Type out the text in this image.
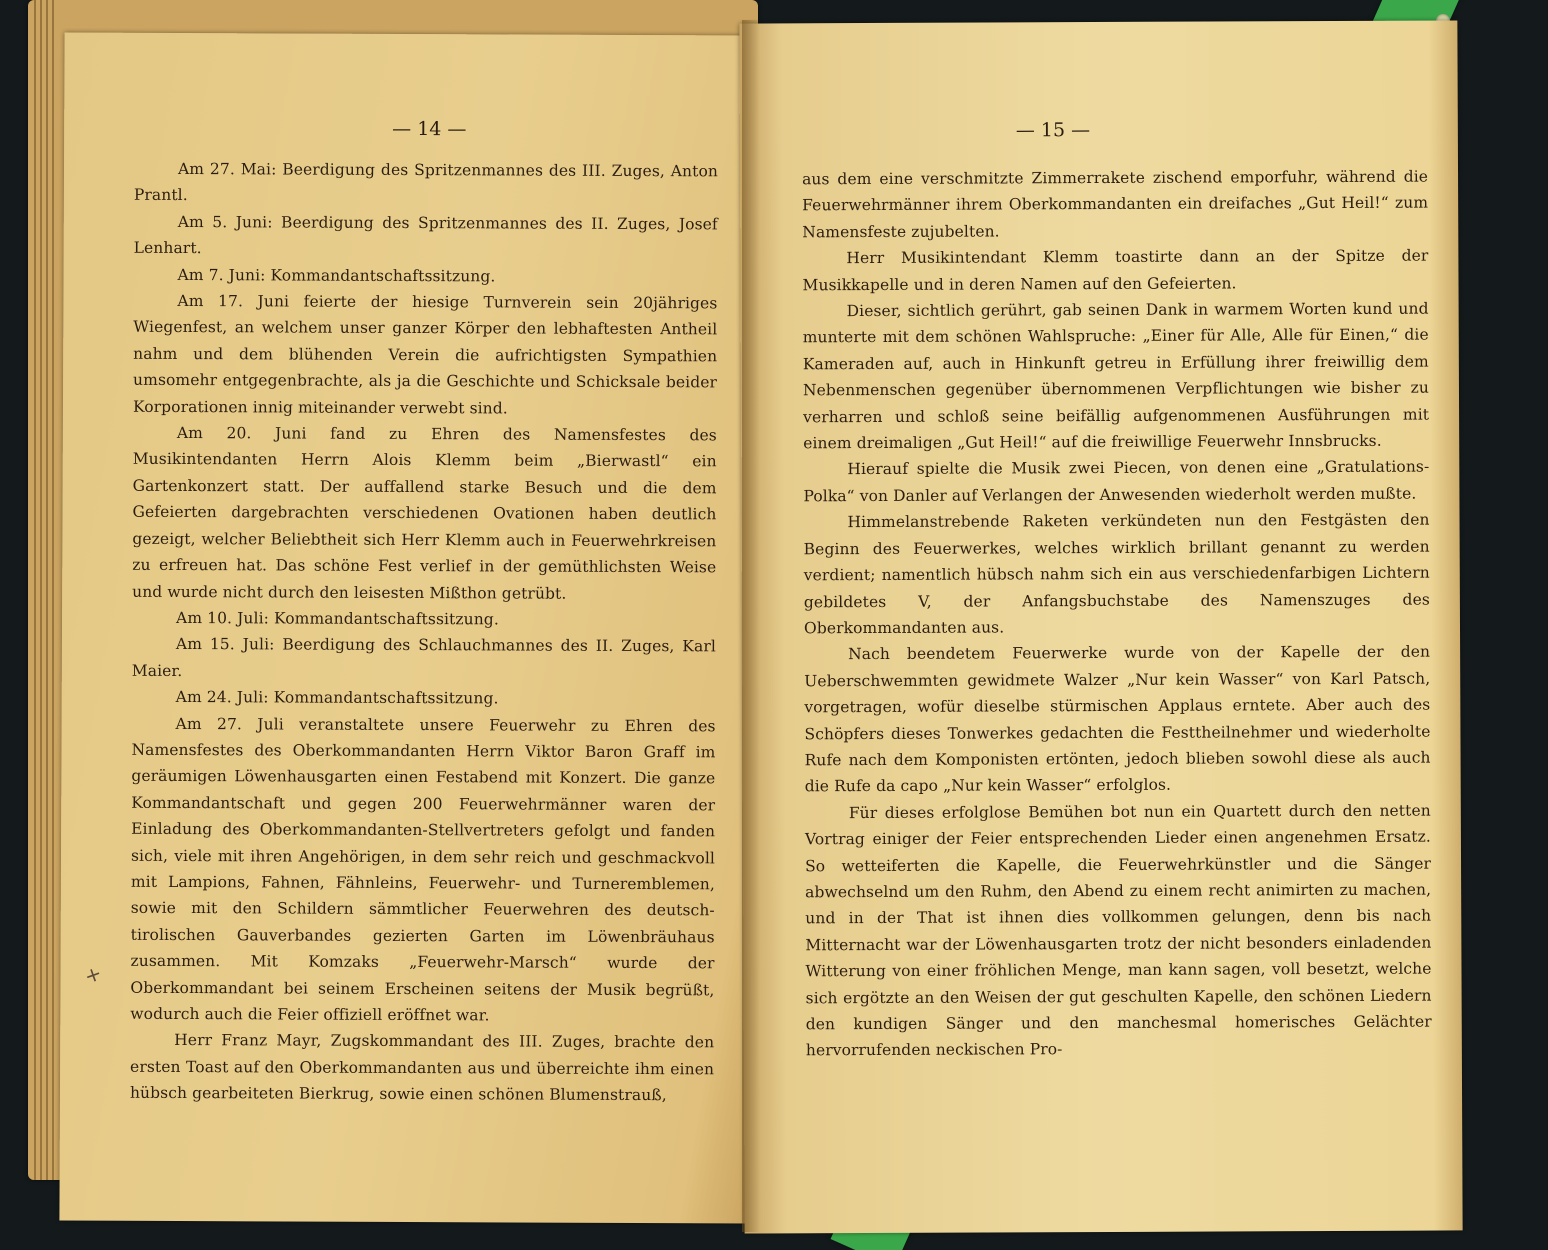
— 14 —

Am 27. Mai: Beerdigung des Spritzenmannes des III. Zuges, Anton Prantl.

Am 5. Juni: Beerdigung des Spritzenmannes des II. Zuges, Josef Lenhart.

Am 7. Juni: Kommandantschaftssitzung.

Am 17. Juni feierte der hiesige Turnverein sein 20jähriges Wiegenfest, an welchem unser ganzer Körper den lebhaftesten Antheil nahm und dem blühenden Verein die aufrichtigsten Sympathien umsomehr entgegenbrachte, als ja die Geschichte und Schicksale beider Korporationen innig miteinander verwebt sind.

Am 20. Juni fand zu Ehren des Namensfestes des Musikintendanten Herrn Alois Klemm beim „Bierwastl“ ein Gartenkonzert statt. Der auffallend starke Besuch und die dem Gefeierten dargebrachten verschiedenen Ovationen haben deutlich gezeigt, welcher Beliebtheit sich Herr Klemm auch in Feuerwehrkreisen zu erfreuen hat. Das schöne Fest verlief in der gemüthlichsten Weise und wurde nicht durch den leisesten Mißthon getrübt.

Am 10. Juli: Kommandantschaftssitzung.

Am 15. Juli: Beerdigung des Schlauchmannes des II. Zuges, Karl Maier.

Am 24. Juli: Kommandantschaftssitzung.

Am 27. Juli veranstaltete unsere Feuerwehr zu Ehren des Namensfestes des Oberkommandanten Herrn Viktor Baron Graff im geräumigen Löwenhausgarten einen Festabend mit Konzert. Die ganze Kommandantschaft und gegen 200 Feuerwehrmänner waren der Einladung des Oberkommandanten-Stellvertreters gefolgt und fanden sich, viele mit ihren Angehörigen, in dem sehr reich und geschmackvoll mit Lampions, Fahnen, Fähnleins, Feuerwehr- und Turneremblemen, sowie mit den Schildern sämmtlicher Feuerwehren des deutsch-tirolischen Gauverbandes gezierten Garten im Löwenbräuhaus zusammen. Mit Komzaks „Feuerwehr-Marsch“ wurde der Oberkommandant bei seinem Erscheinen seitens der Musik begrüßt, wodurch auch die Feier offiziell eröffnet war.

Herr Franz Mayr, Zugskommandant des III. Zuges, brachte den ersten Toast auf den Oberkommandanten aus und überreichte ihm einen hübsch gearbeiteten Bierkrug, sowie einen schönen Blumenstrauß,

+
— 15 —

aus dem eine verschmitzte Zimmerrakete zischend emporfuhr, während die Feuerwehrmänner ihrem Oberkommandanten ein dreifaches „Gut Heil!“ zum Namensfeste zujubelten.

Herr Musikintendant Klemm toastirte dann an der Spitze der Musikkapelle und in deren Namen auf den Gefeierten.

Dieser, sichtlich gerührt, gab seinen Dank in warmem Worten kund und munterte mit dem schönen Wahlspruche: „Einer für Alle, Alle für Einen,“ die Kameraden auf, auch in Hinkunft getreu in Erfüllung ihrer freiwillig dem Nebenmenschen gegenüber übernommenen Verpflichtungen wie bisher zu verharren und schloß seine beifällig aufgenommenen Ausführungen mit einem dreimaligen „Gut Heil!“ auf die freiwillige Feuerwehr Innsbrucks.

Hierauf spielte die Musik zwei Piecen, von denen eine „Gratulations-Polka“ von Danler auf Verlangen der Anwesenden wiederholt werden mußte.

Himmelanstrebende Raketen verkündeten nun den Festgästen den Beginn des Feuerwerkes, welches wirklich brillant genannt zu werden verdient; namentlich hübsch nahm sich ein aus verschiedenfarbigen Lichtern gebildetes V, der Anfangsbuchstabe des Namenszuges des Oberkommandanten aus.

Nach beendetem Feuerwerke wurde von der Kapelle der den Ueberschwemmten gewidmete Walzer „Nur kein Wasser“ von Karl Patsch, vorgetragen, wofür dieselbe stürmischen Applaus erntete. Aber auch des Schöpfers dieses Tonwerkes gedachten die Festtheilnehmer und wiederholte Rufe nach dem Komponisten ertönten, jedoch blieben sowohl diese als auch die Rufe da capo „Nur kein Wasser“ erfolglos.

Für dieses erfolglose Bemühen bot nun ein Quartett durch den netten Vortrag einiger der Feier entsprechenden Lieder einen angenehmen Ersatz. So wetteiferten die Kapelle, die Feuerwehrkünstler und die Sänger abwechselnd um den Ruhm, den Abend zu einem recht animirten zu machen, und in der That ist ihnen dies vollkommen gelungen, denn bis nach Mitternacht war der Löwenhausgarten trotz der nicht besonders einladenden Witterung von einer fröhlichen Menge, man kann sagen, voll besetzt, welche sich ergötzte an den Weisen der gut geschulten Kapelle, den schönen Liedern den kundigen Sänger und den manchesmal homerisches Gelächter hervorrufenden neckischen Pro-
